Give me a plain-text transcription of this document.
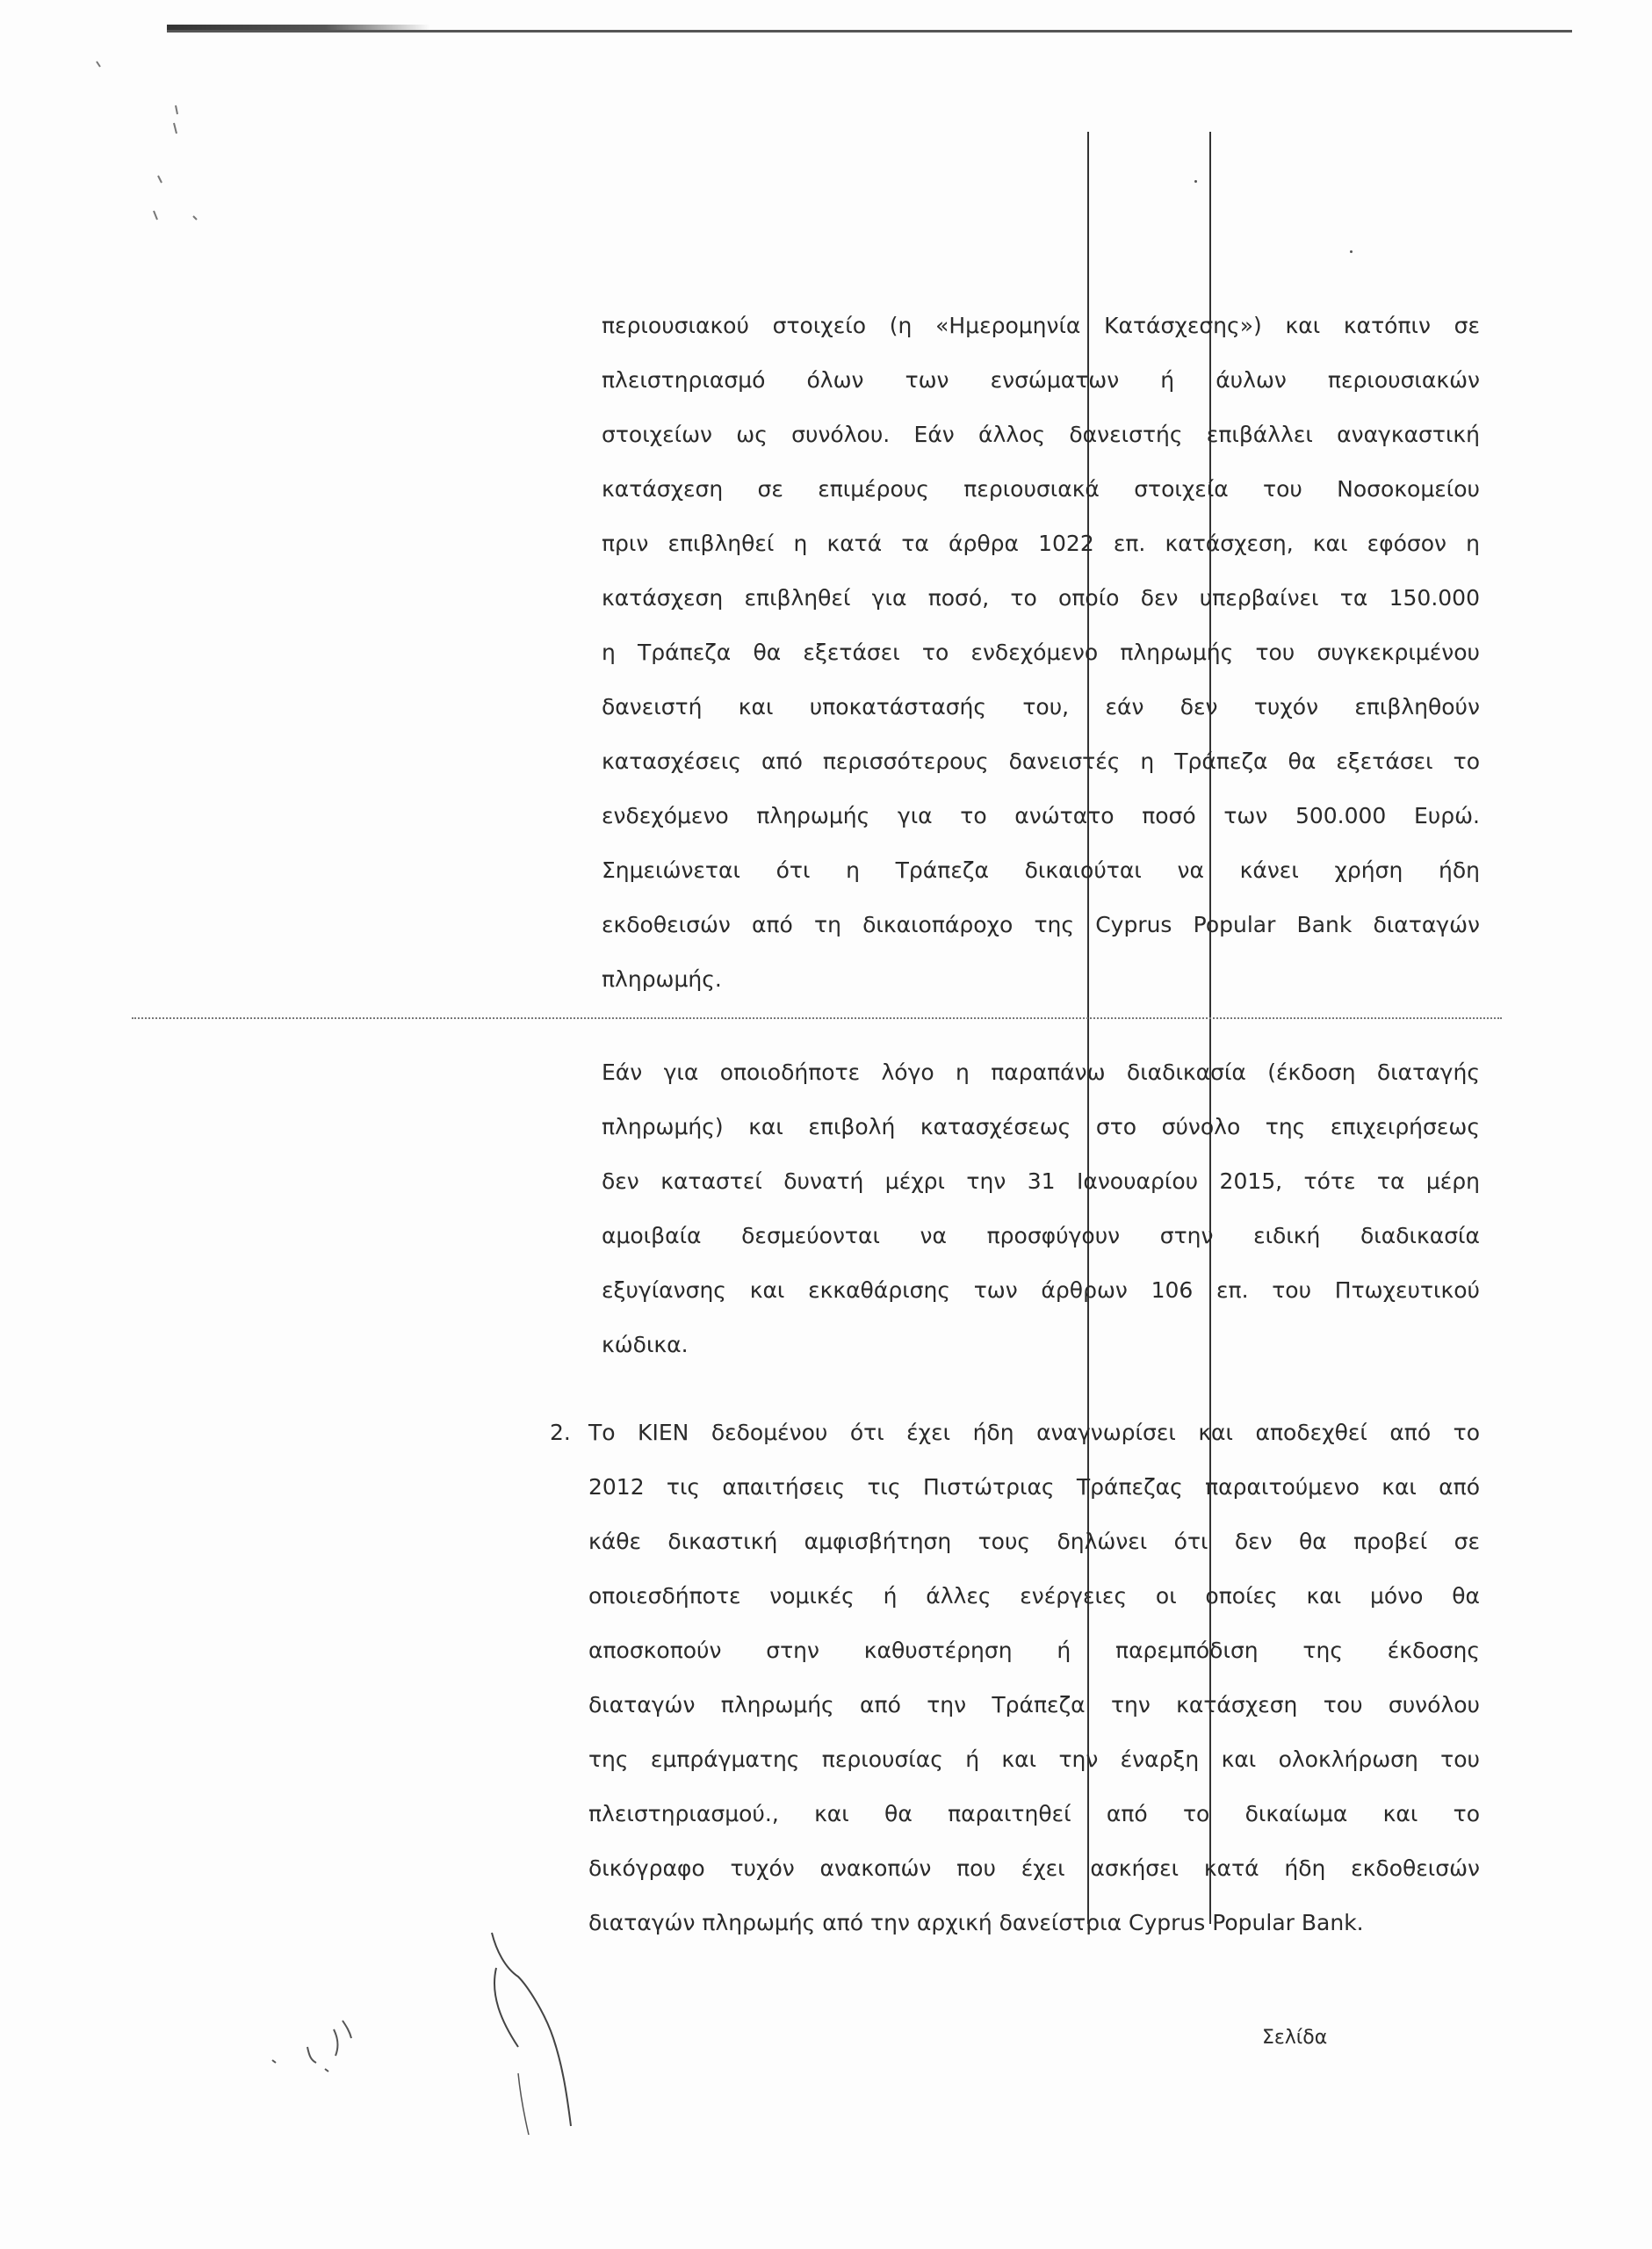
περιουσιακού στοιχείο (η «Ημερομηνία Κατάσχεσης») και κατόπιν σε
πλειστηριασμό όλων των ενσώματων ή άυλων περιουσιακών
στοιχείων ως συνόλου. Εάν άλλος δανειστής επιβάλλει αναγκαστική
κατάσχεση σε επιμέρους περιουσιακά στοιχεία του Νοσοκομείου
πριν επιβληθεί η κατά τα άρθρα 1022 επ. κατάσχεση, και εφόσον η
κατάσχεση επιβληθεί για ποσό, το οποίο δεν υπερβαίνει τα 150.000
η Τράπεζα θα εξετάσει το ενδεχόμενο πληρωμής του συγκεκριμένου
δανειστή και υποκατάστασής του, εάν δεν τυχόν επιβληθούν
κατασχέσεις από περισσότερους δανειστές η Τράπεζα θα εξετάσει το
ενδεχόμενο πληρωμής για το ανώτατο ποσό των 500.000 Ευρώ.
Σημειώνεται ότι η Τράπεζα δικαιούται να κάνει χρήση ήδη
εκδοθεισών από τη δικαιοπάροχο της Cyprus Popular Bank διαταγών
πληρωμής.
Εάν για οποιοδήποτε λόγο η παραπάνω διαδικασία (έκδοση διαταγής
πληρωμής) και επιβολή κατασχέσεως στο σύνολο της επιχειρήσεως
δεν καταστεί δυνατή μέχρι την 31 Ιανουαρίου 2015, τότε τα μέρη
αμοιβαία δεσμεύονται να προσφύγουν στην ειδική διαδικασία
εξυγίανσης και εκκαθάρισης των άρθρων 106 επ. του Πτωχευτικού
κώδικα.
2. Το ΚΙΕΝ δεδομένου ότι έχει ήδη αναγνωρίσει και αποδεχθεί από το
2012 τις απαιτήσεις τις Πιστώτριας Τράπεζας παραιτούμενο και από
κάθε δικαστική αμφισβήτηση τους δηλώνει ότι δεν θα προβεί σε
οποιεσδήποτε νομικές ή άλλες ενέργειες οι οποίες και μόνο θα
αποσκοπούν στην καθυστέρηση ή παρεμπόδιση της έκδοσης
διαταγών πληρωμής από την Τράπεζα την κατάσχεση του συνόλου
της εμπράγματης περιουσίας ή και την έναρξη και ολοκλήρωση του
πλειστηριασμού., και θα παραιτηθεί από το δικαίωμα και το
δικόγραφο τυχόν ανακοπών που έχει ασκήσει κατά ήδη εκδοθεισών
διαταγών πληρωμής από την αρχική δανείστρια Cyprus Popular Bank.
Σελίδα
